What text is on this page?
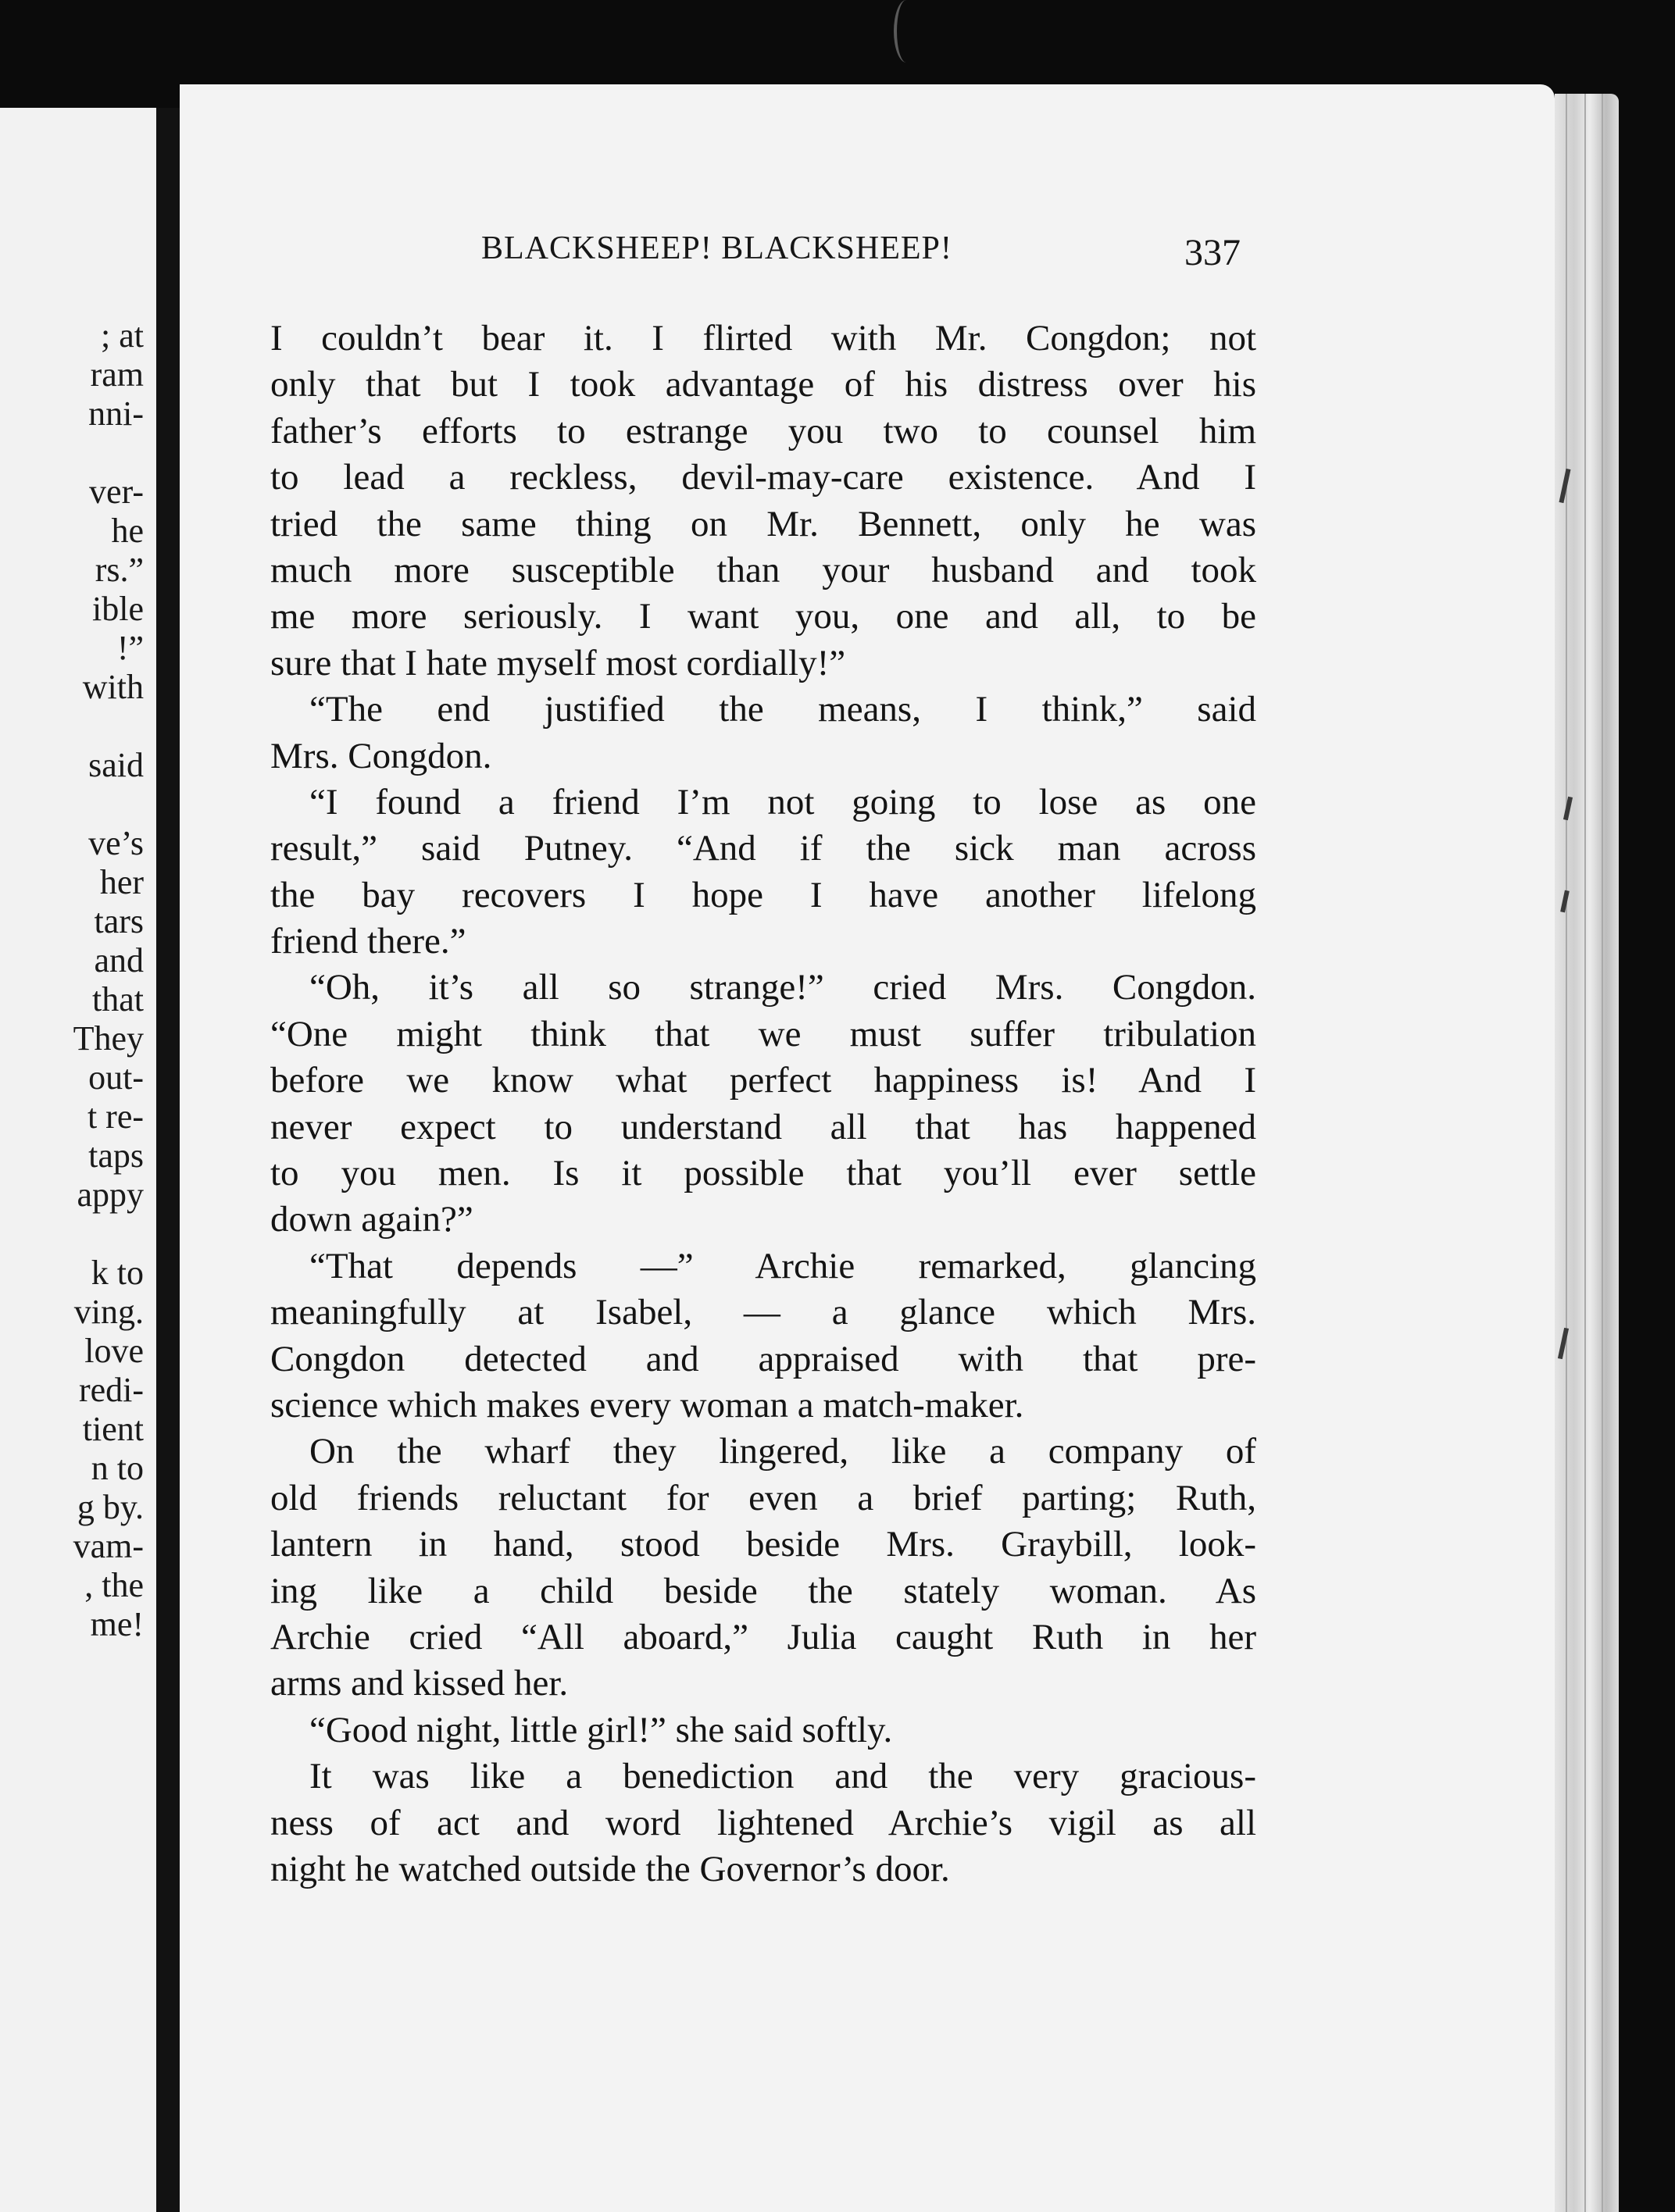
; at
ram
nni-
ver-
he
rs.”
ible
!”
with
said
ve’s
her
tars
and
that
They
out-
t re-
taps
appy
k to
ving.
love
redi-
tient
n to
g by.
vam-
, the
me!
BLACKSHEEP! BLACKSHEEP!	337
I couldn’t bear it. I flirted with Mr. Congdon; not
only that but I took advantage of his distress over his
father’s efforts to estrange you two to counsel him
to lead a reckless, devil-may-care existence. And I
tried the same thing on Mr. Bennett, only he was
much more susceptible than your husband and took
me more seriously. I want you, one and all, to be
sure that I hate myself most cordially!”
“The end justified the means, I think,” said
Mrs. Congdon.
“I found a friend I’m not going to lose as one
result,” said Putney. “And if the sick man across
the bay recovers I hope I have another lifelong
friend there.”
“Oh, it’s all so strange!” cried Mrs. Congdon.
“One might think that we must suffer tribulation
before we know what perfect happiness is! And I
never expect to understand all that has happened
to you men. Is it possible that you’ll ever settle
down again?”
“That depends —” Archie remarked, glancing
meaningfully at Isabel, — a glance which Mrs.
Congdon detected and appraised with that pre-
science which makes every woman a match-maker.
On the wharf they lingered, like a company of
old friends reluctant for even a brief parting; Ruth,
lantern in hand, stood beside Mrs. Graybill, look-
ing like a child beside the stately woman. As
Archie cried “All aboard,” Julia caught Ruth in her
arms and kissed her.
“Good night, little girl!” she said softly.
It was like a benediction and the very gracious-
ness of act and word lightened Archie’s vigil as all
night he watched outside the Governor’s door.
